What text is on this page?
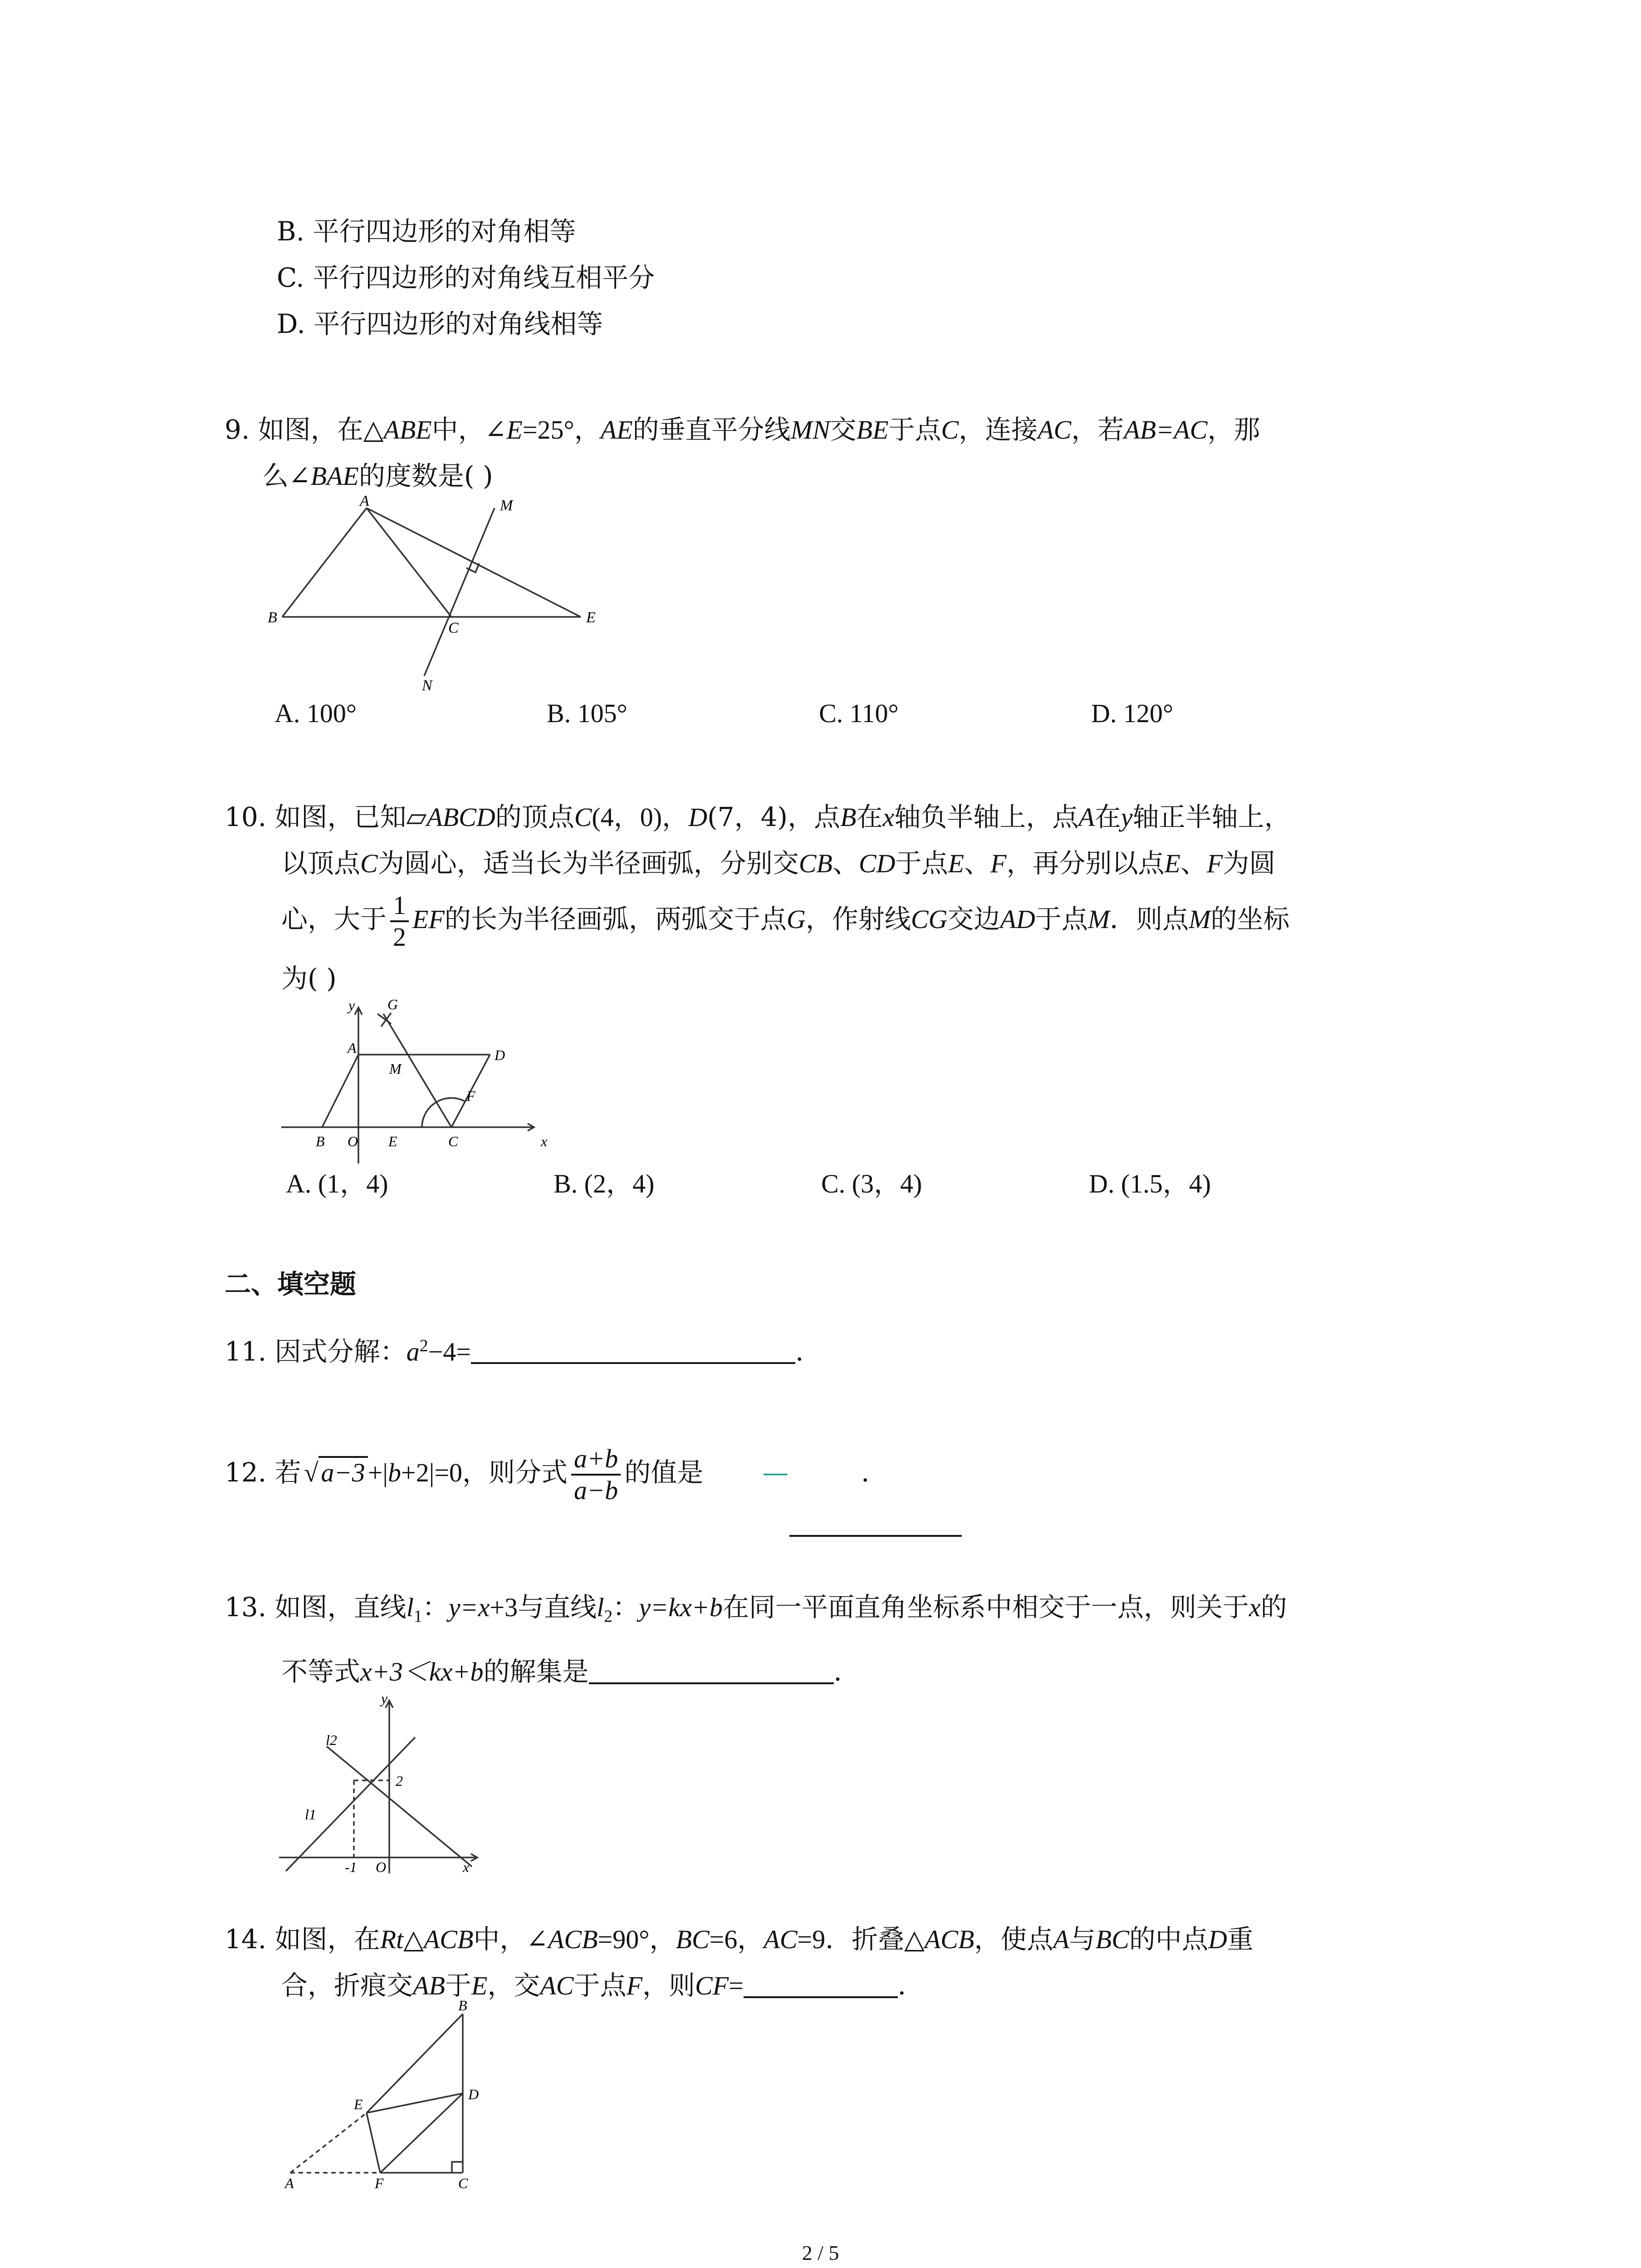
B. 平行四边形的对角相等
C. 平行四边形的对角线互相平分
D. 平行四边形的对角线相等
9. 如图，在△ABE中，∠E=25°，AE的垂直平分线MN交BE于点C，连接AC，若AB=AC，那
么∠BAE的度数是( )
A	M
B
C
E
N
A. 100°	B. 105°	C. 110°	D. 120°
10. 如图，已知▱ABCD的顶点C(4，0)，D(7，4)，点B在x轴负半轴上，点A在y轴正半轴上，
以顶点C为圆心，适当长为半径画弧，分别交CB、CD于点E、F，再分别以点E、F为圆
心，大于 $\frac{1}{2}$ EF的长为半径画弧，两弧交于点G，作射线CG交边AD于点M．则点M的坐标
为( )
y G
A
M
D
F
B O E	C	x
A. (1，4)	B. (2，4)	C. (3，4)	D. (1.5，4)
二、填空题
11. 因式分解：$a^2-4=$	．
12. 若 √ a−3 +|b+2|=0，则分式 $\frac{a+b}{a-b}$ 的值是 —	．
13. 如图，直线$l_1$：y=x+3与直线$l_2$：y=kx+b在同一平面直角坐标系中相交于一点，则关于x的
不等式x+3＜kx+b的解集是	．
y
l2
2
l1
-1 O	x
14. 如图，在Rt△ACB中，∠ACB=90°，BC=6，AC=9．折叠△ACB，使点A与BC的中点D重
合，折痕交AB于E，交AC于点F，则CF=	．
B
E
D
A	F	C
2 / 5
